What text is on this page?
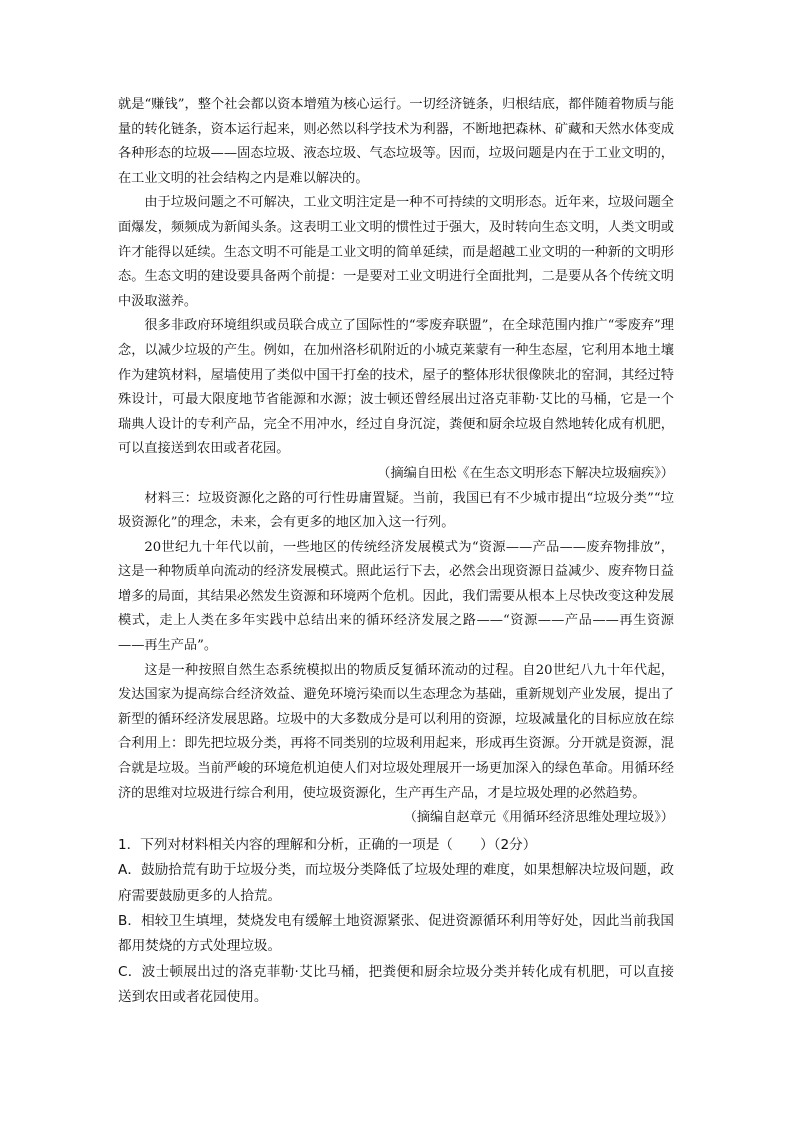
就是“赚钱”，整个社会都以资本增殖为核心运行。一切经济链条，归根结底，都伴随着物质与能量的转化链条，资本运行起来，则必然以科学技术为利器，不断地把森林、矿藏和天然水体变成各种形态的垃圾——固态垃圾、液态垃圾、气态垃圾等。因而，垃圾问题是内在于工业文明的，在工业文明的社会结构之内是难以解决的。

由于垃圾问题之不可解决，工业文明注定是一种不可持续的文明形态。近年来，垃圾问题全面爆发，频频成为新闻头条。这表明工业文明的惯性过于强大，及时转向生态文明，人类文明或许才能得以延续。生态文明不可能是工业文明的简单延续，而是超越工业文明的一种新的文明形态。生态文明的建设要具备两个前提：一是要对工业文明进行全面批判，二是要从各个传统文明中汲取滋养。

很多非政府环境组织或员联合成立了国际性的“零废弃联盟”，在全球范围内推广“零废弃”理念，以减少垃圾的产生。例如，在加州洛杉矶附近的小城克莱蒙有一种生态屋，它利用本地土壤作为建筑材料，屋墙使用了类似中国干打垒的技术，屋子的整体形状很像陕北的窑洞，其经过特殊设计，可最大限度地节省能源和水源；波士顿还曾经展出过洛克菲勒·艾比的马桶，它是一个瑞典人设计的专利产品，完全不用冲水，经过自身沉淀，粪便和厨余垃圾自然地转化成有机肥，可以直接送到农田或者花园。

（摘编自田松《在生态文明形态下解决垃圾痼疾》）

材料三：垃圾资源化之路的可行性毋庸置疑。当前，我国已有不少城市提出“垃圾分类”“垃圾资源化”的理念，未来，会有更多的地区加入这一行列。

20世纪九十年代以前，一些地区的传统经济发展模式为“资源——产品——废弃物排放”，这是一种物质单向流动的经济发展模式。照此运行下去，必然会出现资源日益减少、废弃物日益增多的局面，其结果必然发生资源和环境两个危机。因此，我们需要从根本上尽快改变这种发展模式，走上人类在多年实践中总结出来的循环经济发展之路——“资源——产品——再生资源——再生产品”。

这是一种按照自然生态系统模拟出的物质反复循环流动的过程。自20世纪八九十年代起，发达国家为提高综合经济效益、避免环境污染而以生态理念为基础，重新规划产业发展，提出了新型的循环经济发展思路。垃圾中的大多数成分是可以利用的资源，垃圾减量化的目标应放在综合利用上：即先把垃圾分类，再将不同类别的垃圾利用起来，形成再生资源。分开就是资源，混合就是垃圾。当前严峻的环境危机迫使人们对垃圾处理展开一场更加深入的绿色革命。用循环经济的思维对垃圾进行综合利用，使垃圾资源化，生产再生产品，才是垃圾处理的必然趋势。

（摘编自赵章元《用循环经济思维处理垃圾》）

1．下列对材料相关内容的理解和分析，正确的一项是（　　）（2分）

A．鼓励拾荒有助于垃圾分类，而垃圾分类降低了垃圾处理的难度，如果想解决垃圾问题，政府需要鼓励更多的人拾荒。

B．相较卫生填埋，焚烧发电有缓解土地资源紧张、促进资源循环利用等好处，因此当前我国都用焚烧的方式处理垃圾。

C．波士顿展出过的洛克菲勒·艾比马桶，把粪便和厨余垃圾分类并转化成有机肥，可以直接送到农田或者花园使用。
